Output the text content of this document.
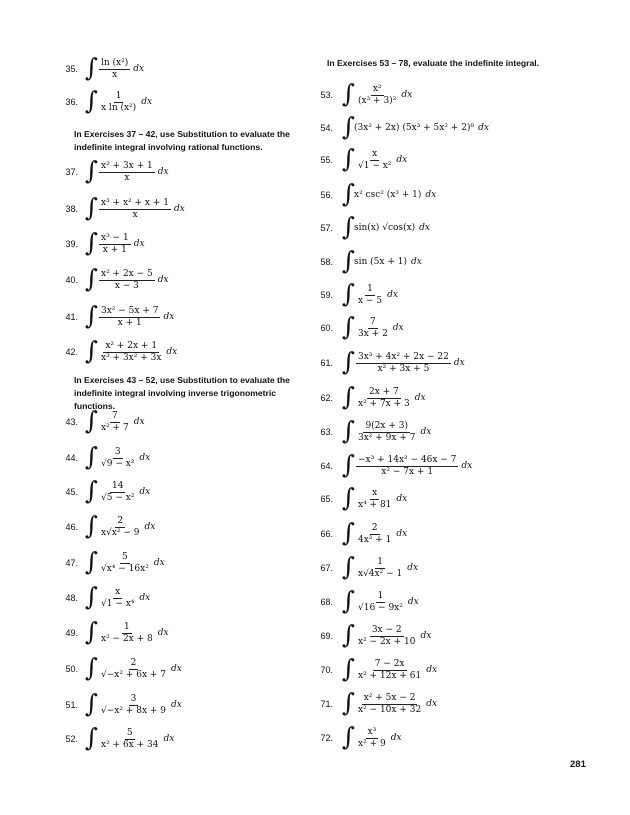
In Exercises 37 – 42, use Substitution to evaluate the indefinite integral involving rational functions.
In Exercises 43 – 52, use Substitution to evaluate the indefinite integral involving inverse trigonometric functions.
35. ∫ $\frac{\text{ln (x²)}}{x}$ dx
36. ∫ $\frac{1}{\text{x ln (x²)}}$ dx
37. ∫ $\frac{\text{x² + 3x + 1}}{x}$ dx
38. ∫ $\frac{\text{x³ + x² + x + 1}}{x}$ dx
39. ∫ $\frac{\text{x³ − 1}}{x + 1}$ dx
40. ∫ $\frac{\text{x² + 2x − 5}}{x - 3}$ dx
41. ∫ $\frac{\text{3x² − 5x + 7}}{x + 1}$ dx
42. ∫ $\frac{\text{x² + 2x + 1}}{\text{x³ + 3x² + 3x}}$ dx
43. ∫ $\frac{7}{\text{x² + 7}}$ dx
44. ∫ $\frac{3}{\text{√9 − x²}}$ dx
45. ∫ $\frac{14}{\text{√5 − x²}}$ dx
46. ∫ $\frac{2}{\text{x√x² − 9}}$ dx
47. ∫ $\frac{5}{\text{√x⁴ − 16x²}}$ dx
48. ∫ $\frac{x}{\text{√1 − x⁴}}$ dx
49. ∫ $\frac{1}{\text{x² − 2x + 8}}$ dx
50. ∫ $\frac{2}{\text{√−x² + 6x + 7}}$ dx
51. ∫ $\frac{3}{\text{√−x² + 8x + 9}}$ dx
52. ∫ $\frac{5}{\text{x² + 6x + 34}}$ dx
In Exercises 53 – 78, evaluate the indefinite integral.
53. ∫ $\frac{\text{x²}}{\text{(x³ + 3)²}}$ dx
54. ∫
(3x² + 2x) (5x³ + 5x² + 2)⁸ dx
55. ∫ $\frac{x}{\text{√1 − x²}}$ dx
56. ∫
x² csc² (x³ + 1) dx
57. ∫
sin(x) √cos(x) dx
58. ∫
sin (5x + 1) dx
59. ∫ $\frac{1}{x - 5}$ dx
60. ∫ $\frac{7}{3x + 2}$ dx
61. ∫ $\frac{\text{3x³ + 4x² + 2x − 22}}{\text{x² + 3x + 5}}$ dx
62. ∫ $\frac{2x + 7}{\text{x² + 7x + 3}}$ dx
63. ∫ $\frac{9(2x + 3)}{\text{3x² + 9x + 7}}$ dx
64. ∫ $\frac{\text{−x³ + 14x² − 46x − 7}}{\text{x² − 7x + 1}}$ dx
65. ∫ $\frac{x}{\text{x⁴ + 81}}$ dx
66. ∫ $\frac{2}{\text{4x² + 1}}$ dx
67. ∫ $\frac{1}{\text{x√4x² − 1}}$ dx
68. ∫ $\frac{1}{\text{√16 − 9x²}}$ dx
69. ∫ $\frac{3x - 2}{\text{x² − 2x + 10}}$ dx
70. ∫ $\frac{7 - 2x}{\text{x² + 12x + 61}}$ dx
71. ∫ $\frac{\text{x² + 5x − 2}}{\text{x² − 10x + 32}}$ dx
72. ∫ $\frac{\text{x³}}{\text{x² + 9}}$ dx
281
